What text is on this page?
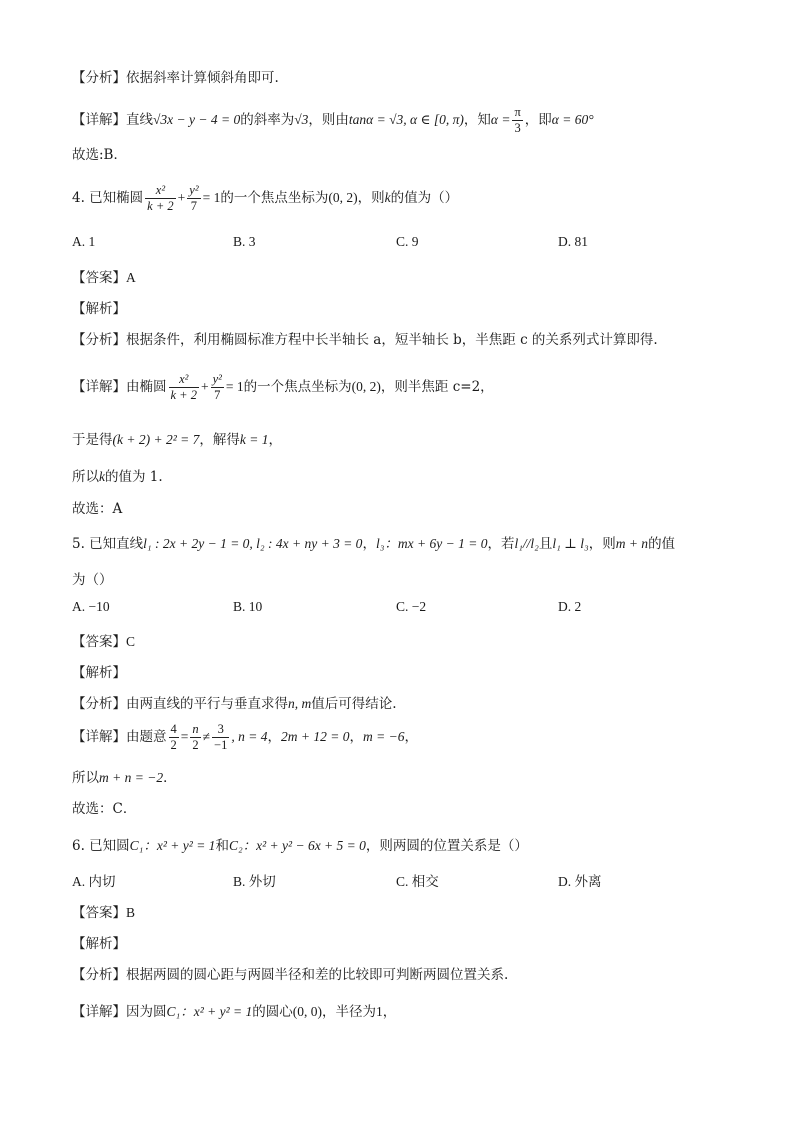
【分析】依据斜率计算倾斜角即可.
【详解】直线√3x − y − 4 = 0的斜率为√3，则由tanα = √3, α ∈ [0, π)，知$\alpha = \frac{\pi}{3}$ ，即α = 60°
故选:B．
4. 已知椭圆 $\frac{\text{x²}}{k + 2} + \frac{\text{y²}}{7} = 1$的一个焦点坐标为(0, 2)，则k的值为（）
A. 1	B. 3	C. 9	D. 81
【答案】A
【解析】
【分析】根据条件，利用椭圆标准方程中长半轴长 a，短半轴长 b，半焦距 c 的关系列式计算即得.
【详解】由椭圆 $\frac{\text{x²}}{k + 2} + \frac{\text{y²}}{7} = 1$的一个焦点坐标为(0, 2)，则半焦距 c=2，
于是得(k + 2) + 2² = 7，解得k = 1，
所以k的值为 1.
故选：A
5. 已知直线l₁ : 2x + 2y − 1 = 0, l₂ : 4x + ny + 3 = 0，l₃：mx + 6y − 1 = 0，若l₁//l₂且l₁ ⊥ l₃，则m + n的值
为（）
A. −10	B. 10	C. −2	D. 2
【答案】C
【解析】
【分析】由两直线的平行与垂直求得n, m值后可得结论.
【详解】由题意 $\frac{4}{2} = \frac{n}{2} \ne \frac{3}{-1}$ , n = 4，2m + 12 = 0，m = −6，
所以m + n = −2．
故选：C．
6. 已知圆C₁：x² + y² = 1和C₂：x² + y² − 6x + 5 = 0，则两圆的位置关系是（）
A. 内切	B. 外切	C. 相交	D. 外离
【答案】B
【解析】
【分析】根据两圆的圆心距与两圆半径和差的比较即可判断两圆位置关系.
【详解】因为圆C₁：x² + y² = 1的圆心(0, 0)，半径为1，
